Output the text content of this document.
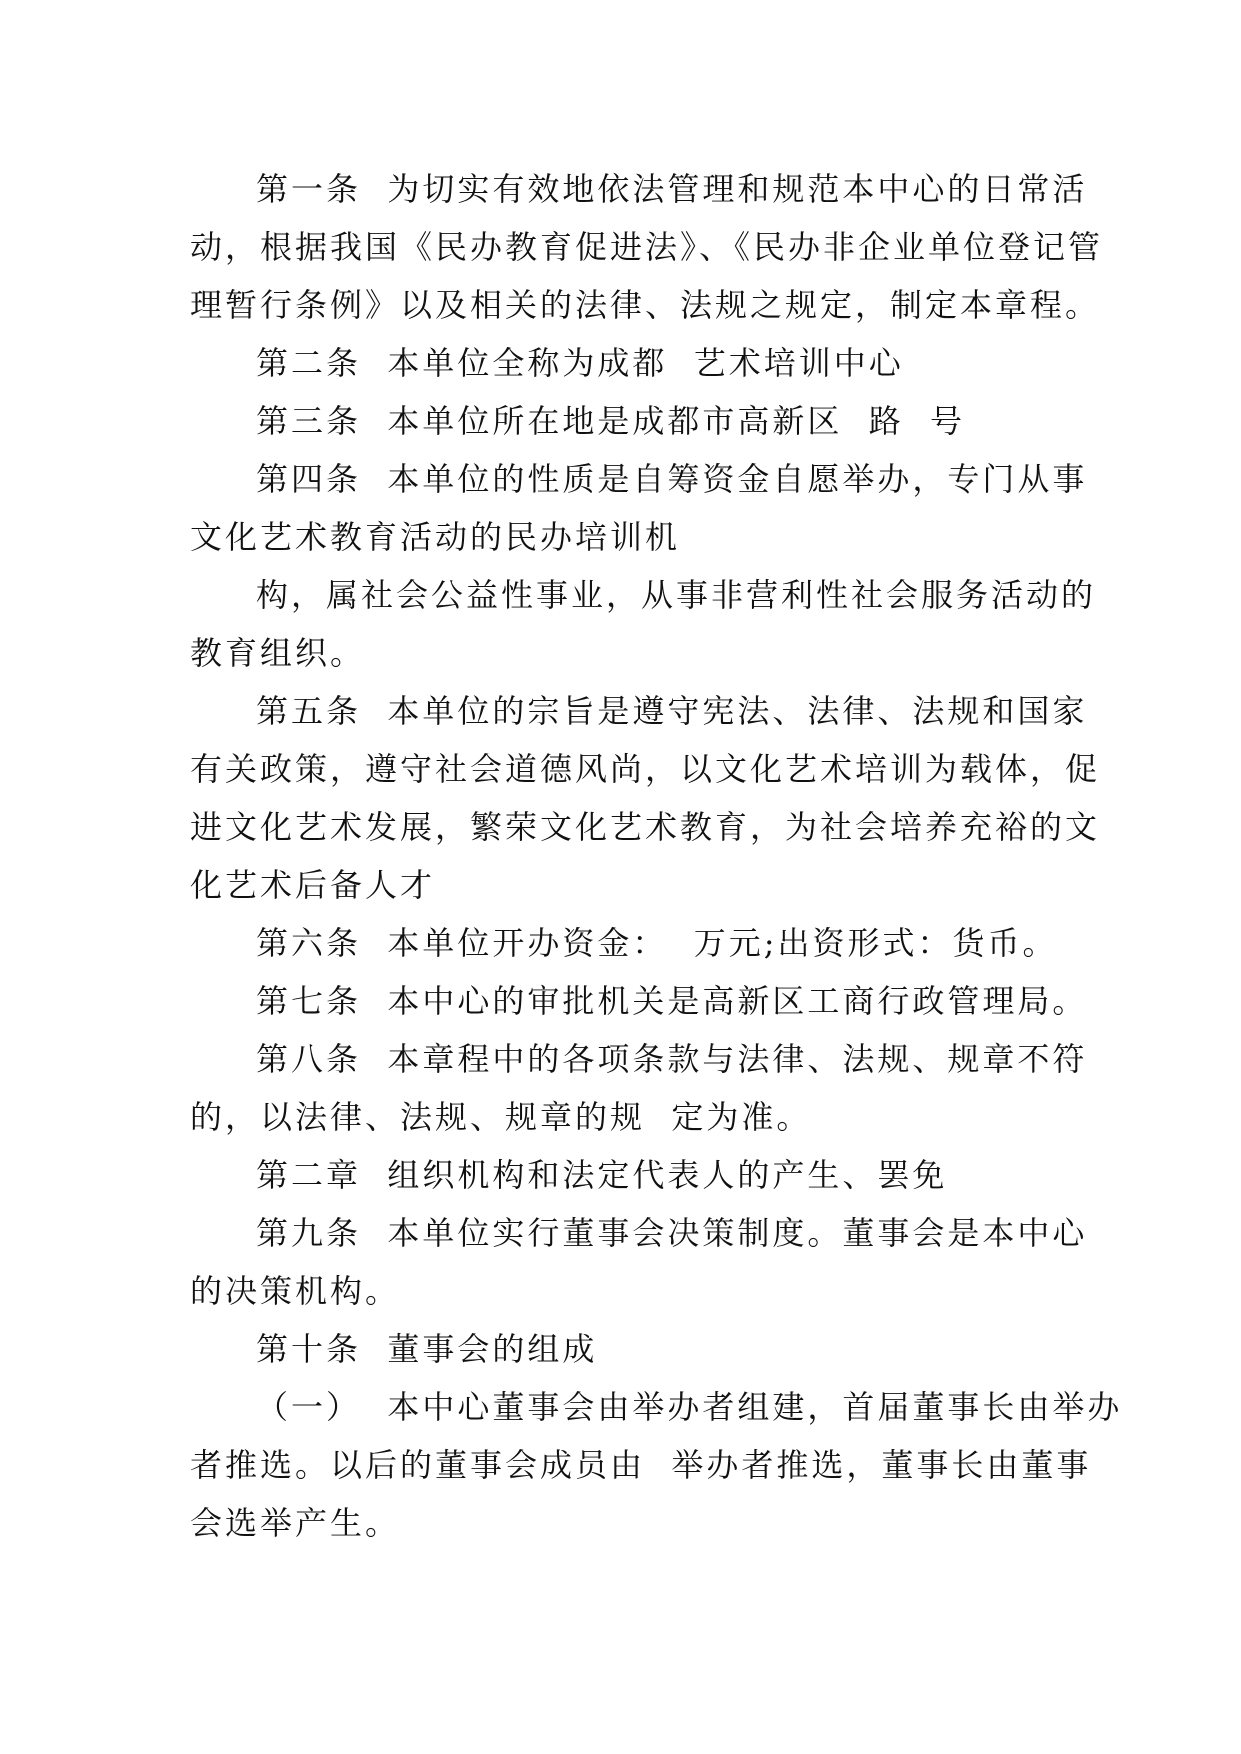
第一条  为切实有效地依法管理和规范本中心的日常活
动，根据我国《民办教育促进法》、《民办非企业单位登记管
理暂行条例》以及相关的法律、法规之规定，制定本章程。
第二条  本单位全称为成都  艺术培训中心
第三条  本单位所在地是成都市高新区  路  号
第四条  本单位的性质是自筹资金自愿举办，专门从事
文化艺术教育活动的民办培训机
构，属社会公益性事业，从事非营利性社会服务活动的
教育组织。
第五条  本单位的宗旨是遵守宪法、法律、法规和国家
有关政策，遵守社会道德风尚，以文化艺术培训为载体，促
进文化艺术发展，繁荣文化艺术教育，为社会培养充裕的文
化艺术后备人才
第六条  本单位开办资金：  万元;出资形式：货币。
第七条  本中心的审批机关是高新区工商行政管理局。
第八条  本章程中的各项条款与法律、法规、规章不符
的，以法律、法规、规章的规  定为准。
第二章  组织机构和法定代表人的产生、罢免
第九条  本单位实行董事会决策制度。董事会是本中心
的决策机构。
第十条  董事会的组成
（一）  本中心董事会由举办者组建，首届董事长由举办
者推选。以后的董事会成员由  举办者推选，董事长由董事
会选举产生。
